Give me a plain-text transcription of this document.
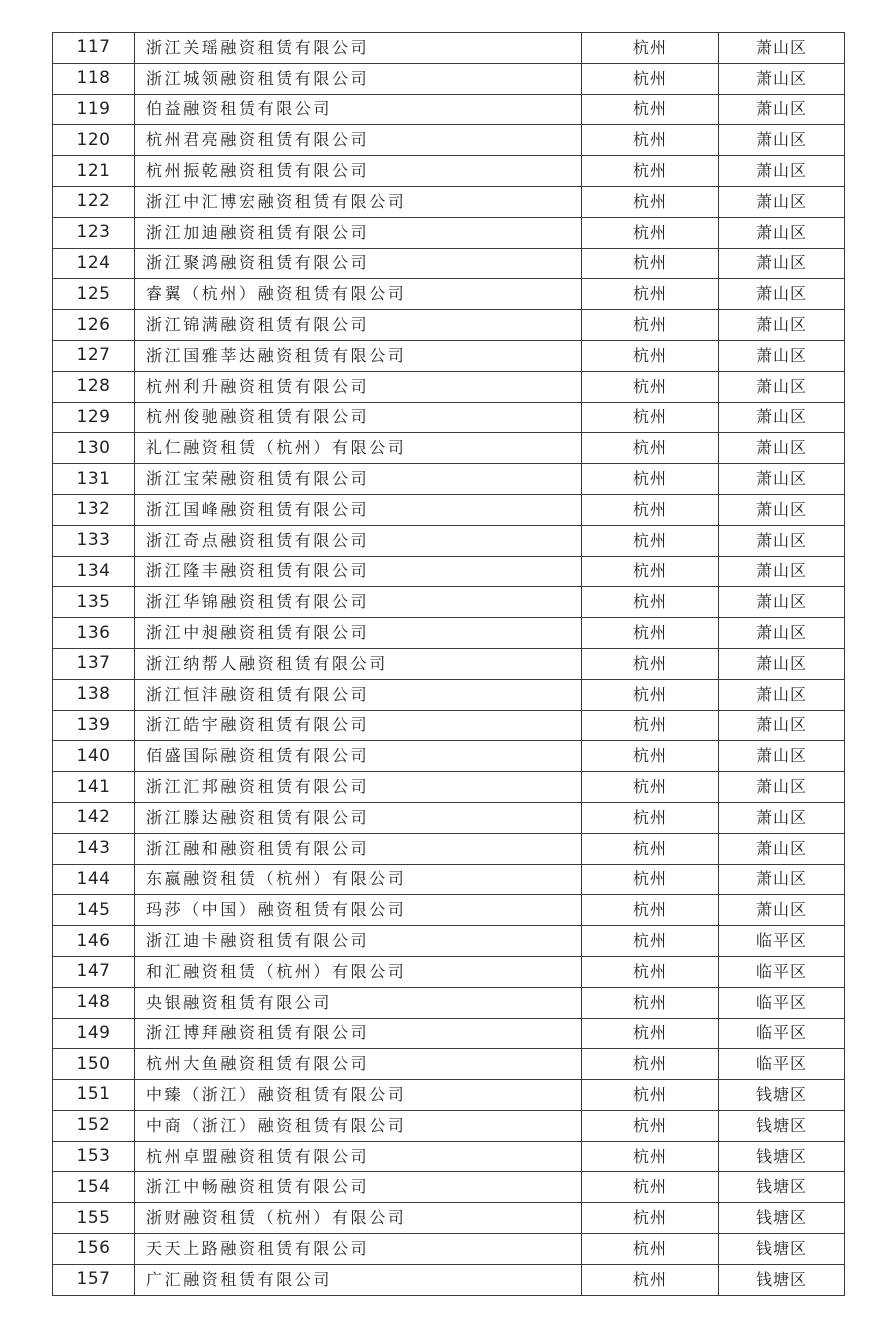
117	浙江关瑶融资租赁有限公司	杭州	萧山区
118	浙江城领融资租赁有限公司	杭州	萧山区
119	伯益融资租赁有限公司	杭州	萧山区
120	杭州君亮融资租赁有限公司	杭州	萧山区
121	杭州振乾融资租赁有限公司	杭州	萧山区
122	浙江中汇博宏融资租赁有限公司	杭州	萧山区
123	浙江加迪融资租赁有限公司	杭州	萧山区
124	浙江聚鸿融资租赁有限公司	杭州	萧山区
125	睿翼（杭州）融资租赁有限公司	杭州	萧山区
126	浙江锦满融资租赁有限公司	杭州	萧山区
127	浙江国雅莘达融资租赁有限公司	杭州	萧山区
128	杭州利升融资租赁有限公司	杭州	萧山区
129	杭州俊驰融资租赁有限公司	杭州	萧山区
130	礼仁融资租赁（杭州）有限公司	杭州	萧山区
131	浙江宝荣融资租赁有限公司	杭州	萧山区
132	浙江国峰融资租赁有限公司	杭州	萧山区
133	浙江奇点融资租赁有限公司	杭州	萧山区
134	浙江隆丰融资租赁有限公司	杭州	萧山区
135	浙江华锦融资租赁有限公司	杭州	萧山区
136	浙江中昶融资租赁有限公司	杭州	萧山区
137	浙江纳帮人融资租赁有限公司	杭州	萧山区
138	浙江恒沣融资租赁有限公司	杭州	萧山区
139	浙江皓宇融资租赁有限公司	杭州	萧山区
140	佰盛国际融资租赁有限公司	杭州	萧山区
141	浙江汇邦融资租赁有限公司	杭州	萧山区
142	浙江滕达融资租赁有限公司	杭州	萧山区
143	浙江融和融资租赁有限公司	杭州	萧山区
144	东嬴融资租赁（杭州）有限公司	杭州	萧山区
145	玛莎（中国）融资租赁有限公司	杭州	萧山区
146	浙江迪卡融资租赁有限公司	杭州	临平区
147	和汇融资租赁（杭州）有限公司	杭州	临平区
148	央银融资租赁有限公司	杭州	临平区
149	浙江博拜融资租赁有限公司	杭州	临平区
150	杭州大鱼融资租赁有限公司	杭州	临平区
151	中臻（浙江）融资租赁有限公司	杭州	钱塘区
152	中商（浙江）融资租赁有限公司	杭州	钱塘区
153	杭州卓盟融资租赁有限公司	杭州	钱塘区
154	浙江中畅融资租赁有限公司	杭州	钱塘区
155	浙财融资租赁（杭州）有限公司	杭州	钱塘区
156	天天上路融资租赁有限公司	杭州	钱塘区
157	广汇融资租赁有限公司	杭州	钱塘区
